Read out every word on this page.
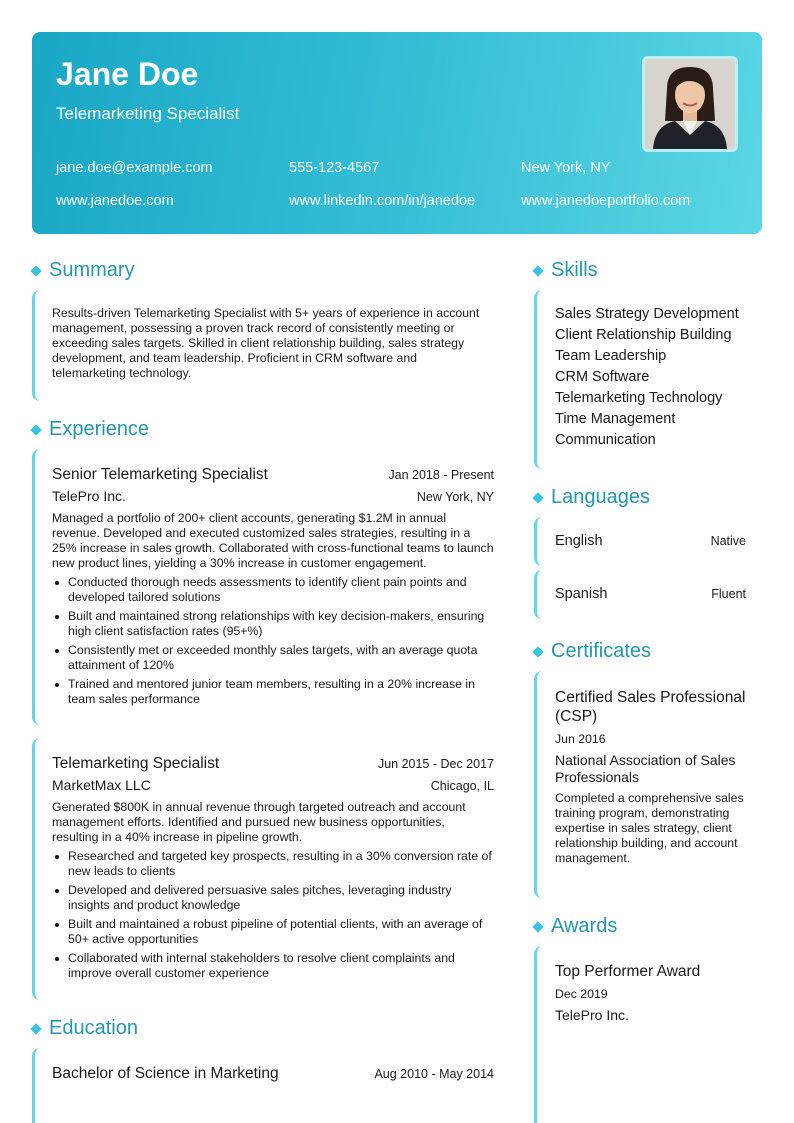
Jane Doe
Telemarketing Specialist
jane.doe@example.com	555-123-4567	New York, NY
www.janedoe.com	www.linkedin.com/in/janedoe	www.janedoeportfolio.com
Summary
Results-driven Telemarketing Specialist with 5+ years of experience in account management, possessing a proven track record of consistently meeting or exceeding sales targets. Skilled in client relationship building, sales strategy development, and team leadership. Proficient in CRM software and telemarketing technology.
Experience
Senior Telemarketing Specialist	Jan 2018 - Present
TelePro Inc.	New York, NY
Managed a portfolio of 200+ client accounts, generating $1.2M in annual revenue. Developed and executed customized sales strategies, resulting in a 25% increase in sales growth. Collaborated with cross-functional teams to launch new product lines, yielding a 30% increase in customer engagement.
Conducted thorough needs assessments to identify client pain points and developed tailored solutions
Built and maintained strong relationships with key decision-makers, ensuring high client satisfaction rates (95+%)
Consistently met or exceeded monthly sales targets, with an average quota attainment of 120%
Trained and mentored junior team members, resulting in a 20% increase in team sales performance
Telemarketing Specialist	Jun 2015 - Dec 2017
MarketMax LLC	Chicago, IL
Generated $800K in annual revenue through targeted outreach and account management efforts. Identified and pursued new business opportunities, resulting in a 40% increase in pipeline growth.
Researched and targeted key prospects, resulting in a 30% conversion rate of new leads to clients
Developed and delivered persuasive sales pitches, leveraging industry insights and product knowledge
Built and maintained a robust pipeline of potential clients, with an average of 50+ active opportunities
Collaborated with internal stakeholders to resolve client complaints and improve overall customer experience
Education
Bachelor of Science in Marketing	Aug 2010 - May 2014
Skills
Sales Strategy Development
Client Relationship Building
Team Leadership
CRM Software
Telemarketing Technology
Time Management
Communication
Languages
English	Native
Spanish	Fluent
Certificates
Certified Sales Professional (CSP)
Jun 2016
National Association of Sales Professionals
Completed a comprehensive sales training program, demonstrating expertise in sales strategy, client relationship building, and account management.
Awards
Top Performer Award
Dec 2019
TelePro Inc.
